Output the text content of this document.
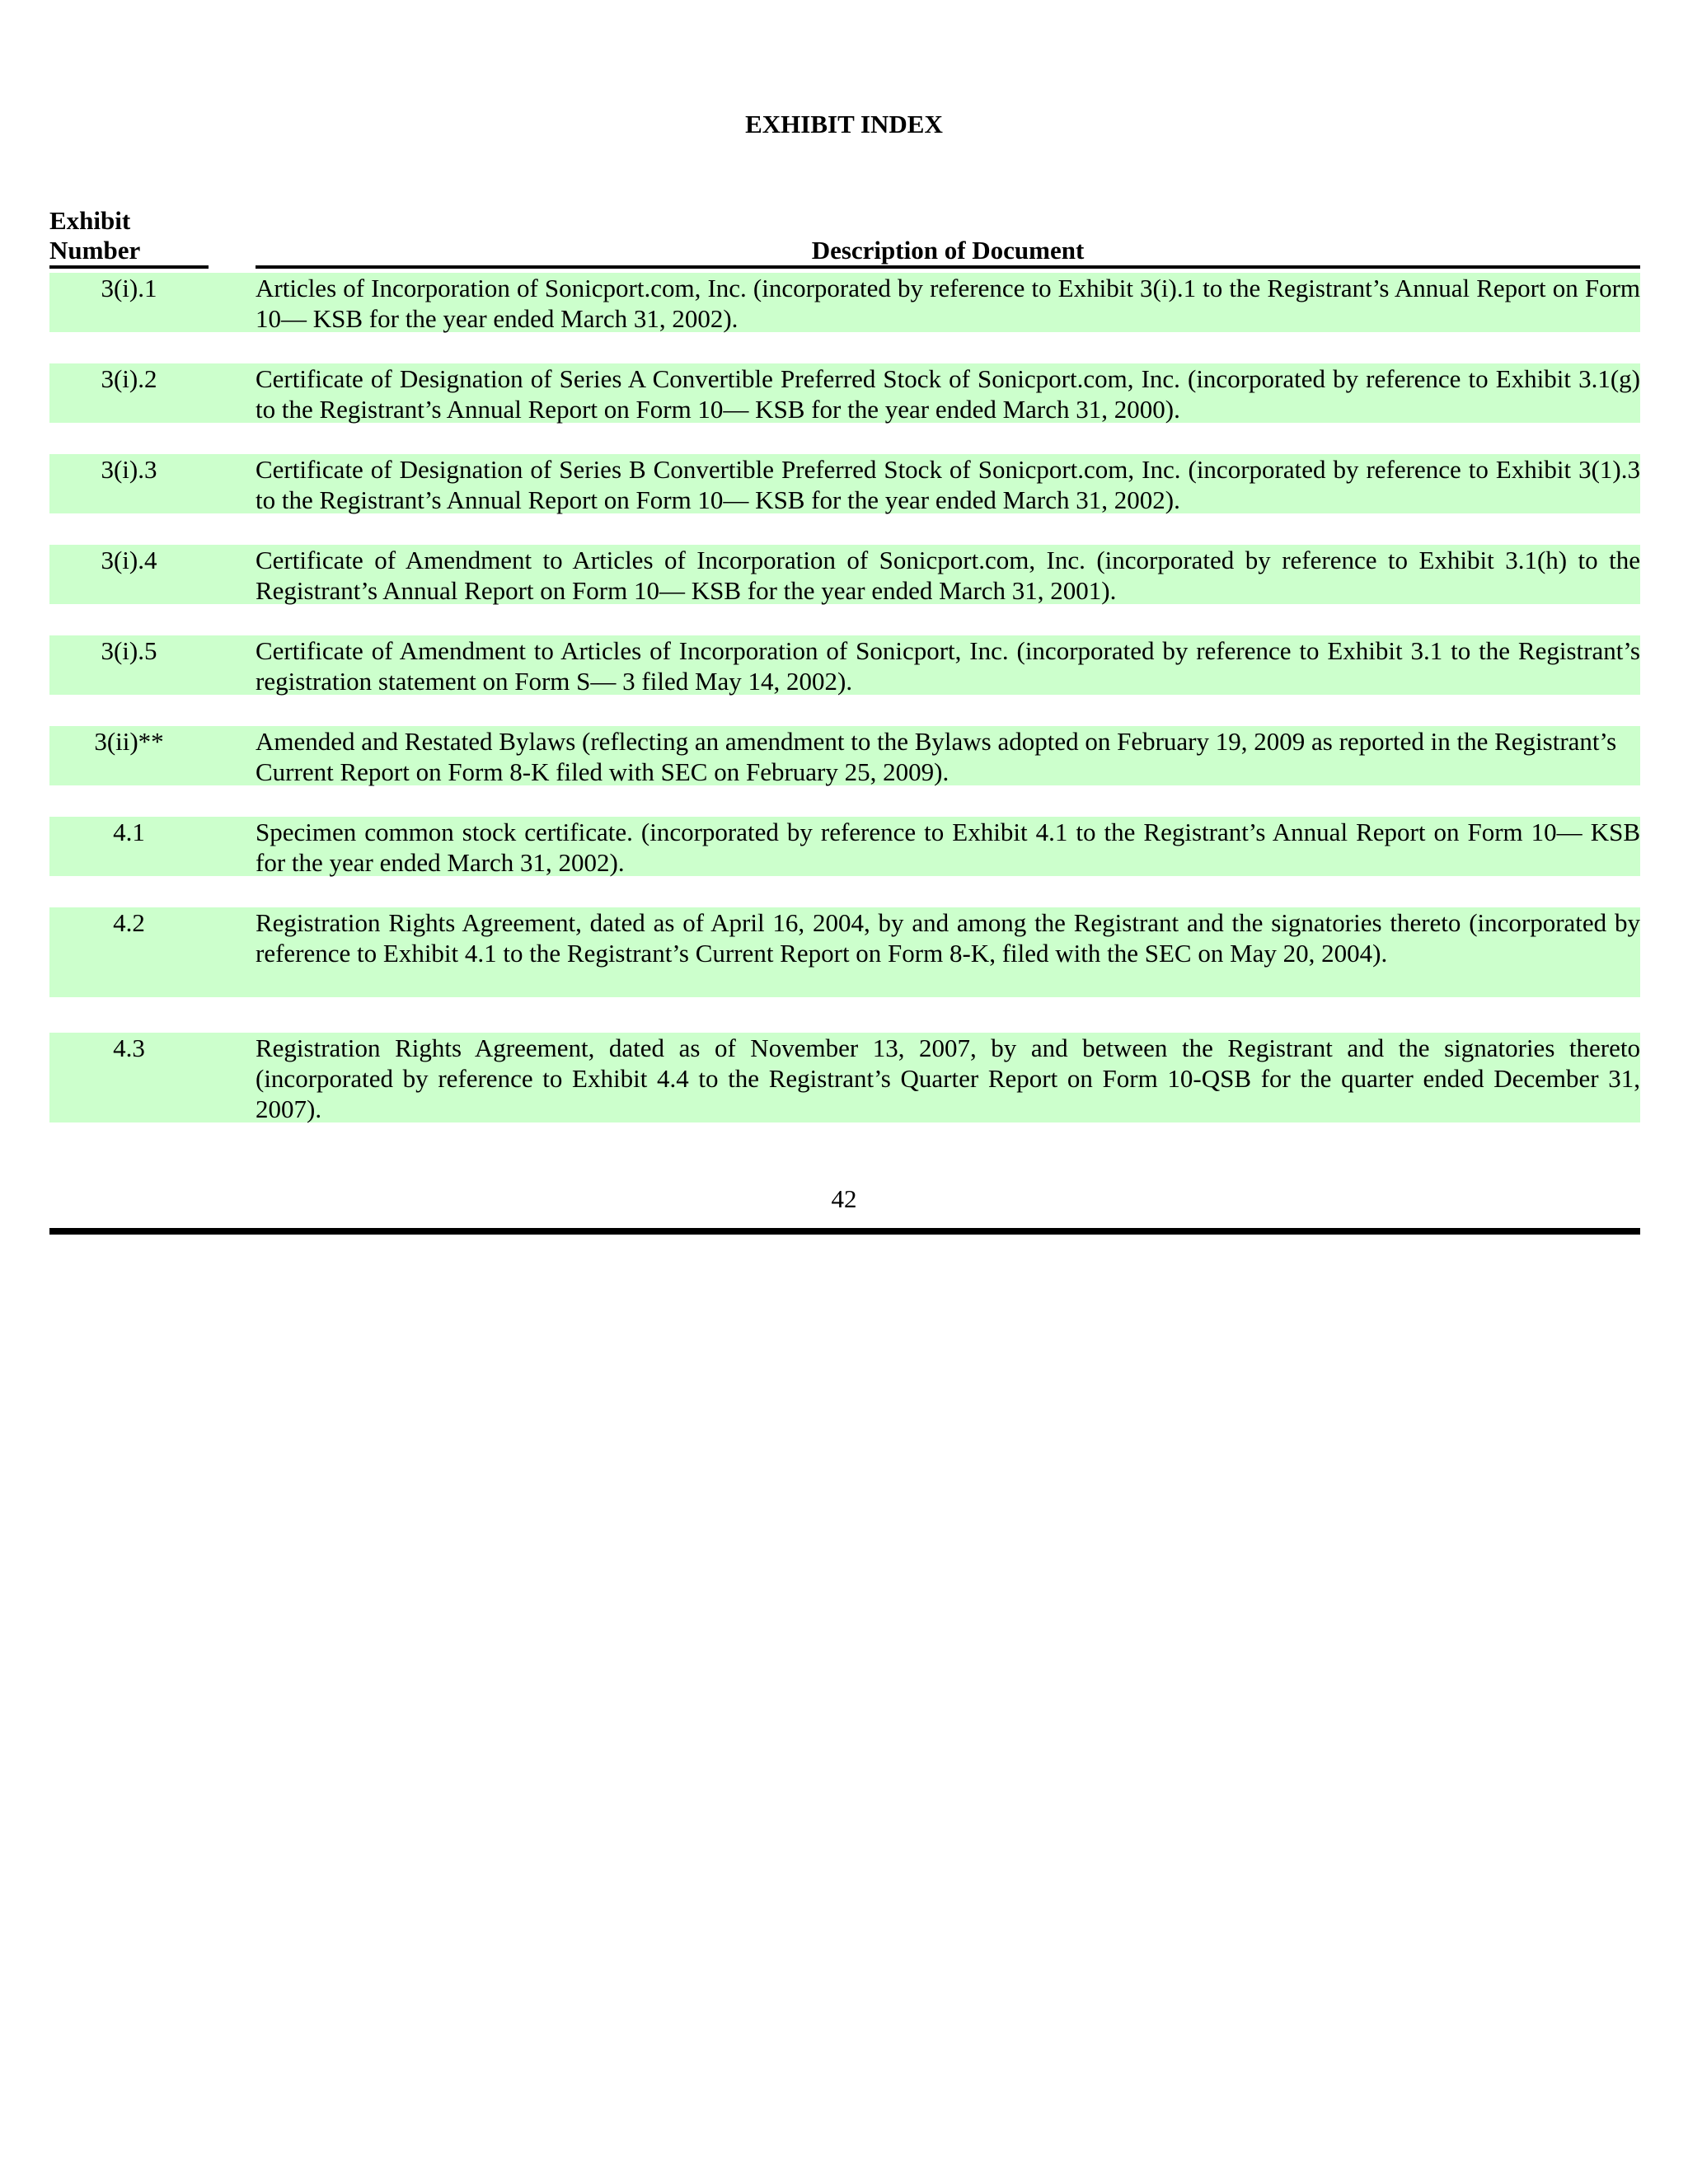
EXHIBIT INDEX
Exhibit
Number	Description of Document
3(i).1	Articles of Incorporation of Sonicport.com, Inc. (incorporated by reference to Exhibit 3(i).1 to the Registrant’s Annual Report on Form 10— KSB for the year ended March 31, 2002).
3(i).2	Certificate of Designation of Series A Convertible Preferred Stock of Sonicport.com, Inc. (incorporated by reference to Exhibit 3.1(g) to the Registrant’s Annual Report on Form 10— KSB for the year ended March 31, 2000).
3(i).3	Certificate of Designation of Series B Convertible Preferred Stock of Sonicport.com, Inc. (incorporated by reference to Exhibit 3(1).3 to the Registrant’s Annual Report on Form 10— KSB for the year ended March 31, 2002).
3(i).4	Certificate of Amendment to Articles of Incorporation of Sonicport.com, Inc. (incorporated by reference to Exhibit 3.1(h) to the Registrant’s Annual Report on Form 10— KSB for the year ended March 31, 2001).
3(i).5	Certificate of Amendment to Articles of Incorporation of Sonicport, Inc. (incorporated by reference to Exhibit 3.1 to the Registrant’s registration statement on Form S— 3 filed May 14, 2002).
3(ii)**	Amended and Restated Bylaws (reflecting an amendment to the Bylaws adopted on February 19, 2009 as reported in the Registrant’s Current Report on Form 8-K filed with SEC on February 25, 2009).
4.1	Specimen common stock certificate. (incorporated by reference to Exhibit 4.1 to the Registrant’s Annual Report on Form 10— KSB for the year ended March 31, 2002).
4.2	Registration Rights Agreement, dated as of April 16, 2004, by and among the Registrant and the signatories thereto (incorporated by reference to Exhibit 4.1 to the Registrant’s Current Report on Form 8-K, filed with the SEC on May 20, 2004).
4.3	Registration Rights Agreement, dated as of November 13, 2007, by and between the Registrant and the signatories thereto (incorporated by reference to Exhibit 4.4 to the Registrant’s Quarter Report on Form 10-QSB for the quarter ended December 31, 2007).
42
